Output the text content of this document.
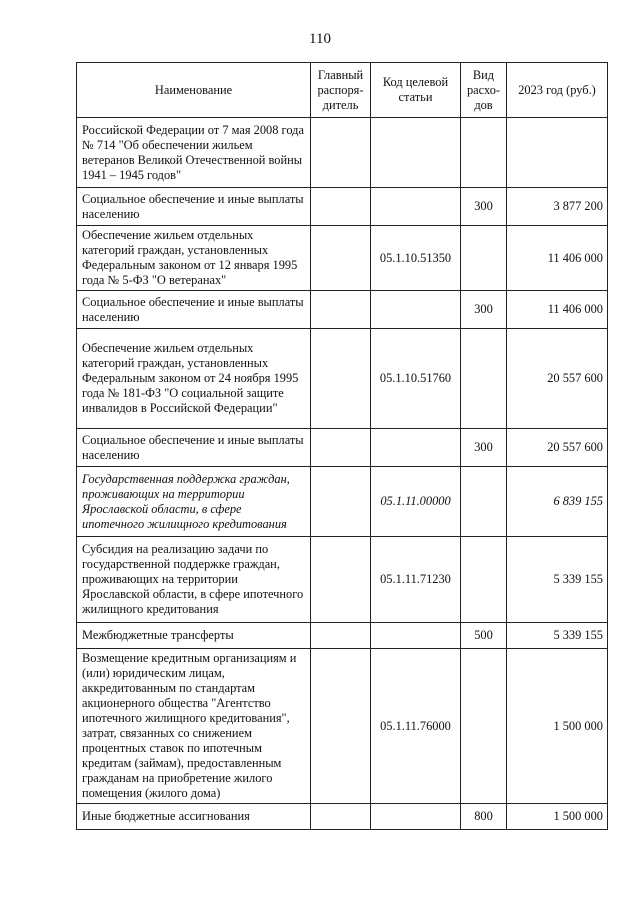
110
Наименование	Главный распоря-дитель	Код целевой статьи	Вид расхо-дов	2023 год (руб.)
Российской Федерации от 7 мая 2008 года № 714 "Об обеспечении жильем ветеранов Великой Отечественной войны 1941 – 1945 годов"				
Социальное обеспечение и иные выплаты населению			300	3 877 200
Обеспечение жильем отдельных категорий граждан, установленных Федеральным законом от 12 января 1995 года № 5-ФЗ "О ветеранах"		05.1.10.51350		11 406 000
Социальное обеспечение и иные выплаты населению			300	11 406 000
Обеспечение жильем отдельных категорий граждан, установленных Федеральным законом от 24 ноября 1995 года № 181-ФЗ "О социальной защите инвалидов в Российской Федерации"		05.1.10.51760		20 557 600
Социальное обеспечение и иные выплаты населению			300	20 557 600
Государственная поддержка граждан, проживающих на территории Ярославской области, в сфере ипотечного жилищного кредитования		05.1.11.00000		6 839 155
Субсидия на реализацию задачи по государственной поддержке граждан, проживающих на территории Ярославской области, в сфере ипотечного жилищного кредитования		05.1.11.71230		5 339 155
Межбюджетные трансферты			500	5 339 155
Возмещение кредитным организациям и (или) юридическим лицам, аккредитованным по стандартам акционерного общества "Агентство ипотечного жилищного кредитования", затрат, связанных со снижением процентных ставок по ипотечным кредитам (займам), предоставленным гражданам на приобретение жилого помещения (жилого дома)		05.1.11.76000		1 500 000
Иные бюджетные ассигнования			800	1 500 000
